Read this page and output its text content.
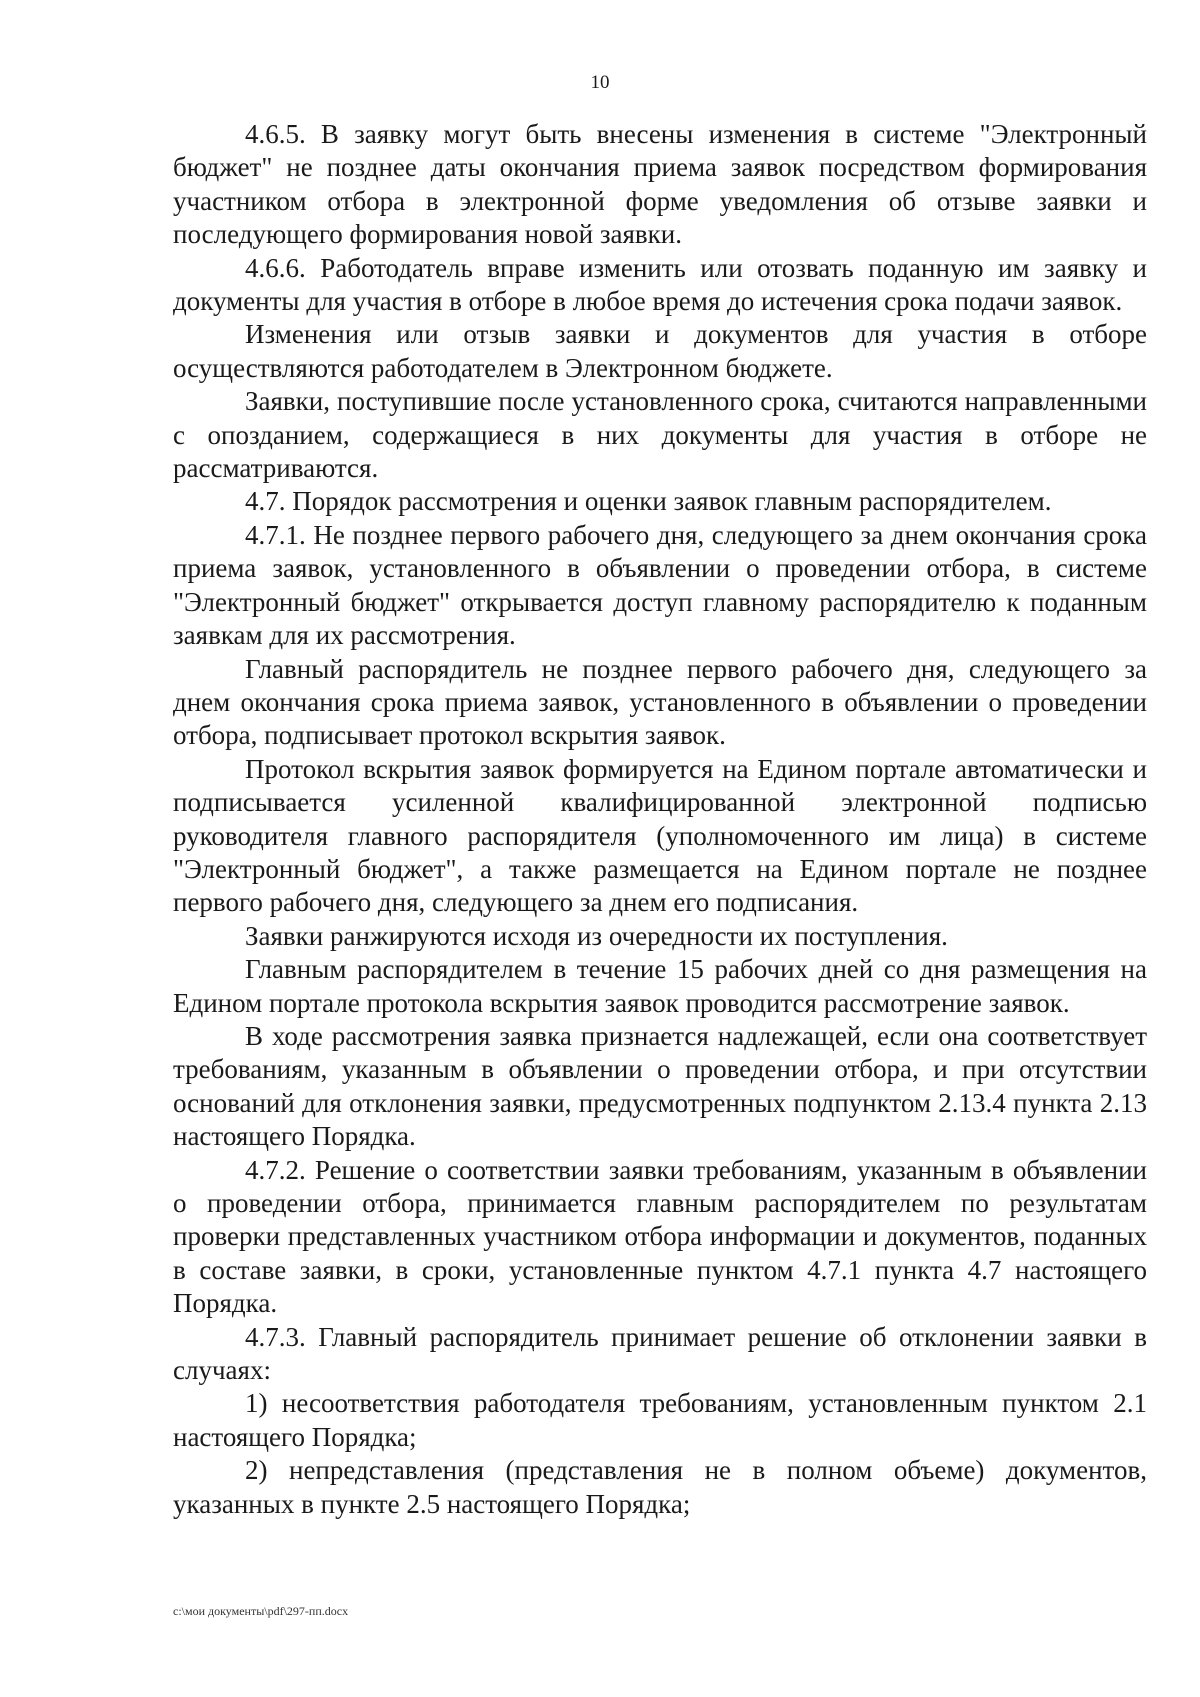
10

4.6.5. В заявку могут быть внесены изменения в системе "Электронный бюджет" не позднее даты окончания приема заявок посредством формирования участником отбора в электронной форме уведомления об отзыве заявки и последующего формирования новой заявки.

4.6.6. Работодатель вправе изменить или отозвать поданную им заявку и документы для участия в отборе в любое время до истечения срока подачи заявок.

Изменения или отзыв заявки и документов для участия в отборе осуществляются работодателем в Электронном бюджете.

Заявки, поступившие после установленного срока, считаются направленными с опозданием, содержащиеся в них документы для участия в отборе не рассматриваются.

4.7. Порядок рассмотрения и оценки заявок главным распорядителем.

4.7.1. Не позднее первого рабочего дня, следующего за днем окончания срока приема заявок, установленного в объявлении о проведении отбора, в системе "Электронный бюджет" открывается доступ главному распорядителю к поданным заявкам для их рассмотрения.

Главный распорядитель не позднее первого рабочего дня, следующего за днем окончания срока приема заявок, установленного в объявлении о проведении отбора, подписывает протокол вскрытия заявок.

Протокол вскрытия заявок формируется на Едином портале автоматически и подписывается усиленной квалифицированной электронной подписью руководителя главного распорядителя (уполномоченного им лица) в системе "Электронный бюджет", а также размещается на Едином портале не позднее первого рабочего дня, следующего за днем его подписания.

Заявки ранжируются исходя из очередности их поступления.

Главным распорядителем в течение 15 рабочих дней со дня размещения на Едином портале протокола вскрытия заявок проводится рассмотрение заявок.

В ходе рассмотрения заявка признается надлежащей, если она соответствует требованиям, указанным в объявлении о проведении отбора, и при отсутствии оснований для отклонения заявки, предусмотренных подпунктом 2.13.4 пункта 2.13 настоящего Порядка.

4.7.2. Решение о соответствии заявки требованиям, указанным в объявлении о проведении отбора, принимается главным распорядителем по результатам проверки представленных участником отбора информации и документов, поданных в составе заявки, в сроки, установленные пунктом 4.7.1 пункта 4.7 настоящего Порядка.

4.7.3. Главный распорядитель принимает решение об отклонении заявки в случаях:

1) несоответствия работодателя требованиям, установленным пунктом 2.1 настоящего Порядка;

2) непредставления (представления не в полном объеме) документов, указанных в пункте 2.5 настоящего Порядка;

c:\мои документы\pdf\297-пп.docx
